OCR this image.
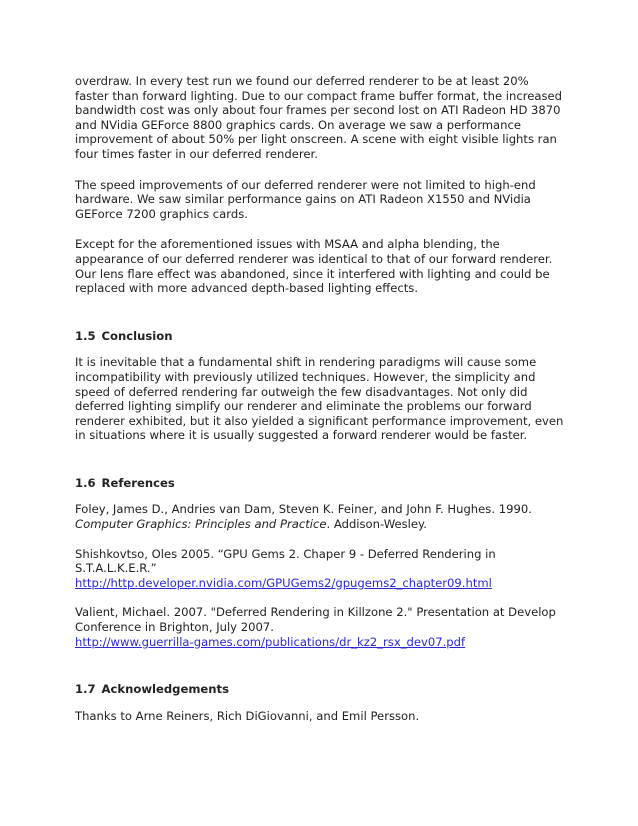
overdraw. In every test run we found our deferred renderer to be at least 20% faster than forward lighting. Due to our compact frame buffer format, the increased bandwidth cost was only about four frames per second lost on ATI Radeon HD 3870 and NVidia GEForce 8800 graphics cards. On average we saw a performance improvement of about 50% per light onscreen. A scene with eight visible lights ran four times faster in our deferred renderer.

The speed improvements of our deferred renderer were not limited to high-end hardware. We saw similar performance gains on ATI Radeon X1550 and NVidia GEForce 7200 graphics cards.

Except for the aforementioned issues with MSAA and alpha blending, the appearance of our deferred renderer was identical to that of our forward renderer. Our lens flare effect was abandoned, since it interfered with lighting and could be replaced with more advanced depth-based lighting effects.

1.5 Conclusion

It is inevitable that a fundamental shift in rendering paradigms will cause some incompatibility with previously utilized techniques. However, the simplicity and speed of deferred rendering far outweigh the few disadvantages. Not only did deferred lighting simplify our renderer and eliminate the problems our forward renderer exhibited, but it also yielded a significant performance improvement, even in situations where it is usually suggested a forward renderer would be faster.

1.6 References

Foley, James D., Andries van Dam, Steven K. Feiner, and John F. Hughes. 1990. Computer Graphics: Principles and Practice. Addison-Wesley.

Shishkovtso, Oles 2005. “GPU Gems 2. Chaper 9 - Deferred Rendering in S.T.A.L.K.E.R.”
http://http.developer.nvidia.com/GPUGems2/gpugems2_chapter09.html

Valient, Michael. 2007. "Deferred Rendering in Killzone 2." Presentation at Develop Conference in Brighton, July 2007.
http://www.guerrilla-games.com/publications/dr_kz2_rsx_dev07.pdf

1.7 Acknowledgements

Thanks to Arne Reiners, Rich DiGiovanni, and Emil Persson.
